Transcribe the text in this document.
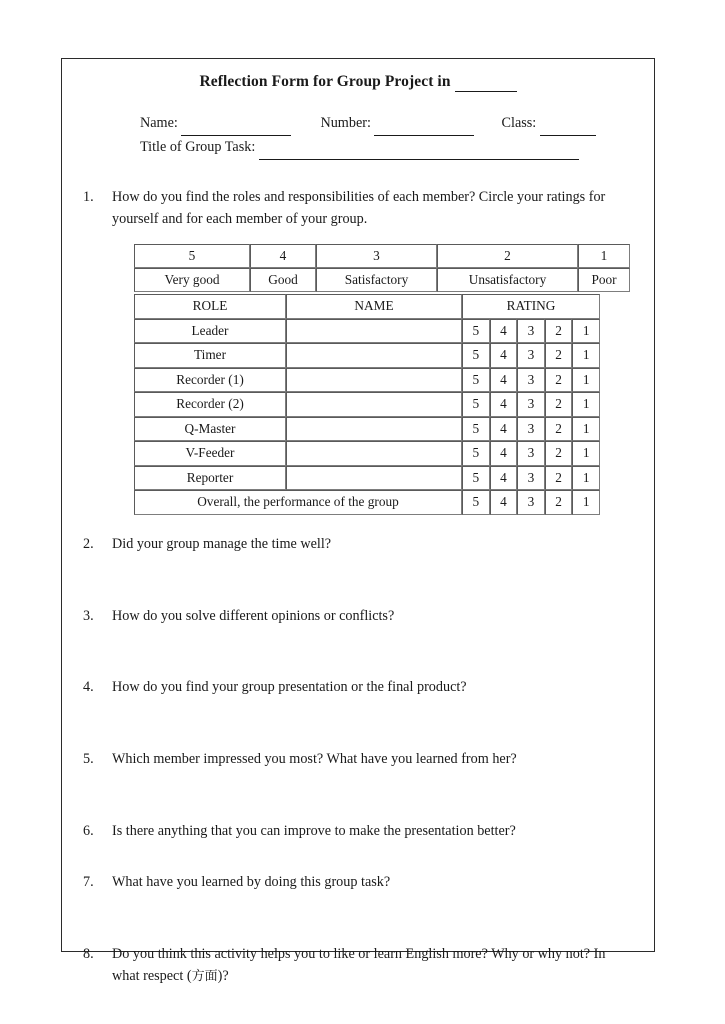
Reflection Form for Group Project in
Name:	Number:	Class:
Title of Group Task:
1.	How do you find the roles and responsibilities of each member? Circle your ratings for yourself and for each member of your group.
5	4	3	2	1
Very good	Good	Satisfactory	Unsatisfactory	Poor
ROLE	NAME	RATING				
Leader		5	4	3	2	1
Timer		5	4	3	2	1
Recorder (1)		5	4	3	2	1
Recorder (2)		5	4	3	2	1
Q-Master		5	4	3	2	1
V-Feeder		5	4	3	2	1
Reporter		5	4	3	2	1
Overall, the performance of the group		5	4	3	2	1
2.	Did your group manage the time well?
3.	How do you solve different opinions or conflicts?
4.	How do you find your group presentation or the final product?
5.	Which member impressed you most? What have you learned from her?
6.	Is there anything that you can improve to make the presentation better?
7.	What have you learned by doing this group task?
8.	Do you think this activity helps you to like or learn English more? Why or why not? In what respect (方面)?
